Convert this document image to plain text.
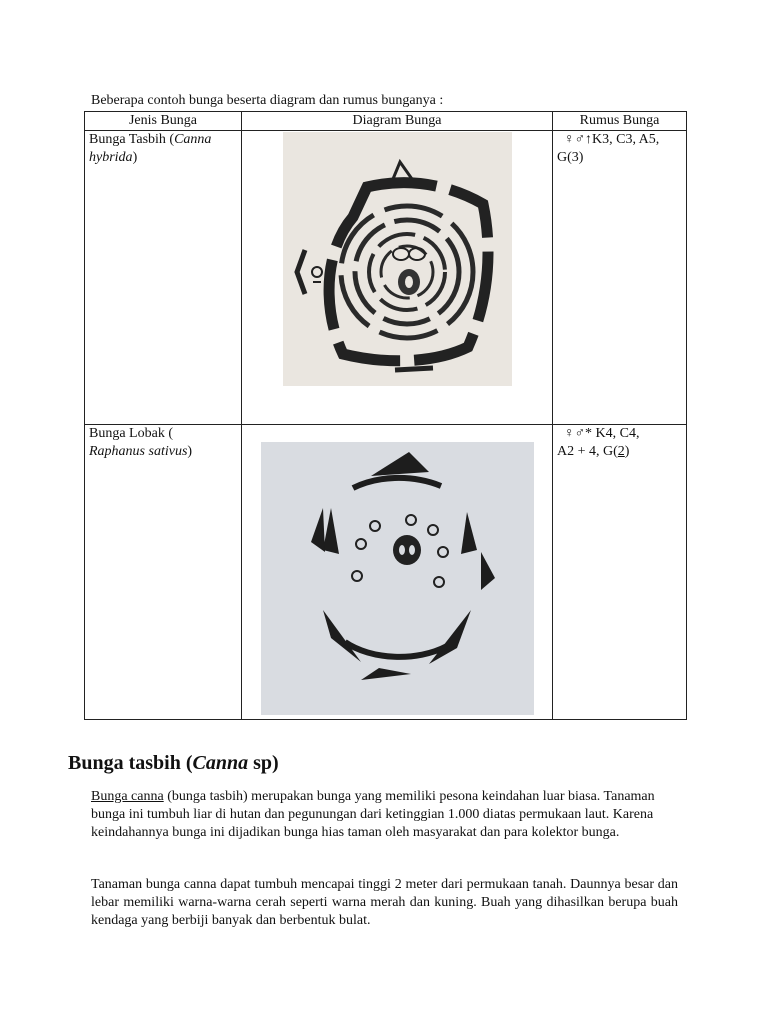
Beberapa contoh bunga beserta diagram dan rumus bunganya :
Jenis Bunga	Diagram Bunga	Rumus Bunga
Bunga Tasbih (Canna hybrida)		♀♂↑K3, C3, A5,
G(3)
Bunga Lobak (
Raphanus sativus)		♀♂* K4, C4,
A2 + 4, G(2)
Bunga tasbih (Canna sp)

Bunga canna (bunga tasbih) merupakan bunga yang memiliki pesona keindahan luar biasa. Tanaman bunga ini tumbuh liar di hutan dan pegunungan dari ketinggian 1.000 diatas permukaan laut. Karena keindahannya bunga ini dijadikan bunga hias taman oleh masyarakat dan para kolektor bunga.

Tanaman bunga canna dapat tumbuh mencapai tinggi 2 meter dari permukaan tanah. Daunnya besar dan lebar memiliki warna-warna cerah seperti warna merah dan kuning. Buah yang dihasilkan berupa buah kendaga yang berbiji banyak dan berbentuk bulat.
